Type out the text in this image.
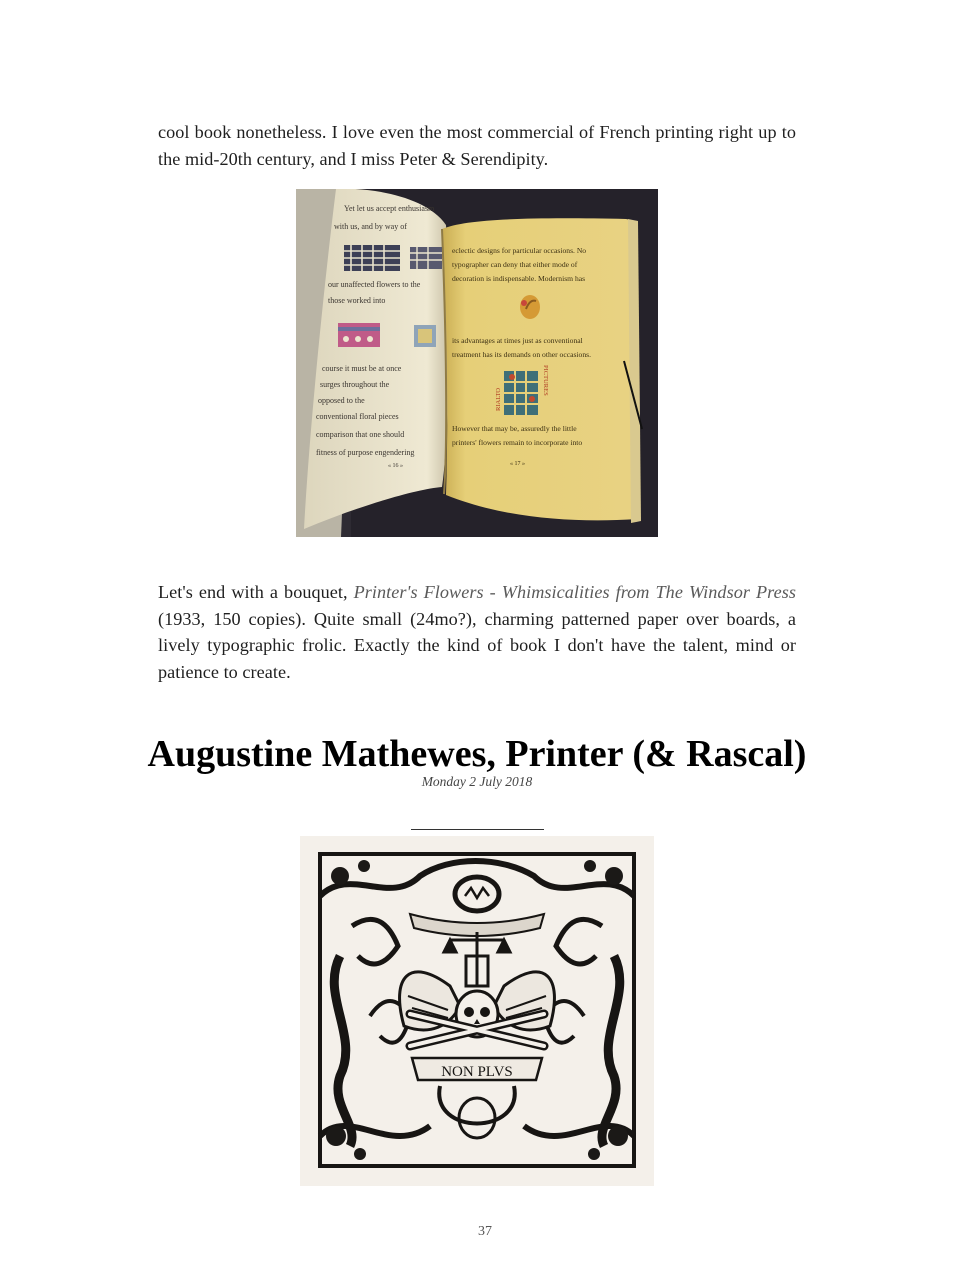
cool book nonetheless. I love even the most commercial of French printing right up to the mid-20th century, and I miss Peter & Serendipity.

Yet let us accept enthusiasm
with us, and by way of
our unaffected flowers to the
those worked into
course it must be at once
surges throughout the
opposed to the
conventional floral pieces
comparison that one should
fitness of purpose engendering
« 16 »
eclectic designs for particular occasions. No
typographer can deny that either mode of
decoration is indispensable. Modernism has
its advantages at times just as conventional
treatment has its demands on other occasions.
However that may be, assuredly the little
printers' flowers remain to incorporate into
« 17 »
RIALTO
PICTURES

Let's end with a bouquet, Printer's Flowers - Whimsicalities from The Windsor Press (1933, 150 copies). Quite small (24mo?), charming patterned paper over boards, a lively typographic frolic. Exactly the kind of book I don't have the talent, mind or patience to create.

Augustine Mathewes, Printer (& Rascal)
Monday 2 July 2018
NON PLVS
37
